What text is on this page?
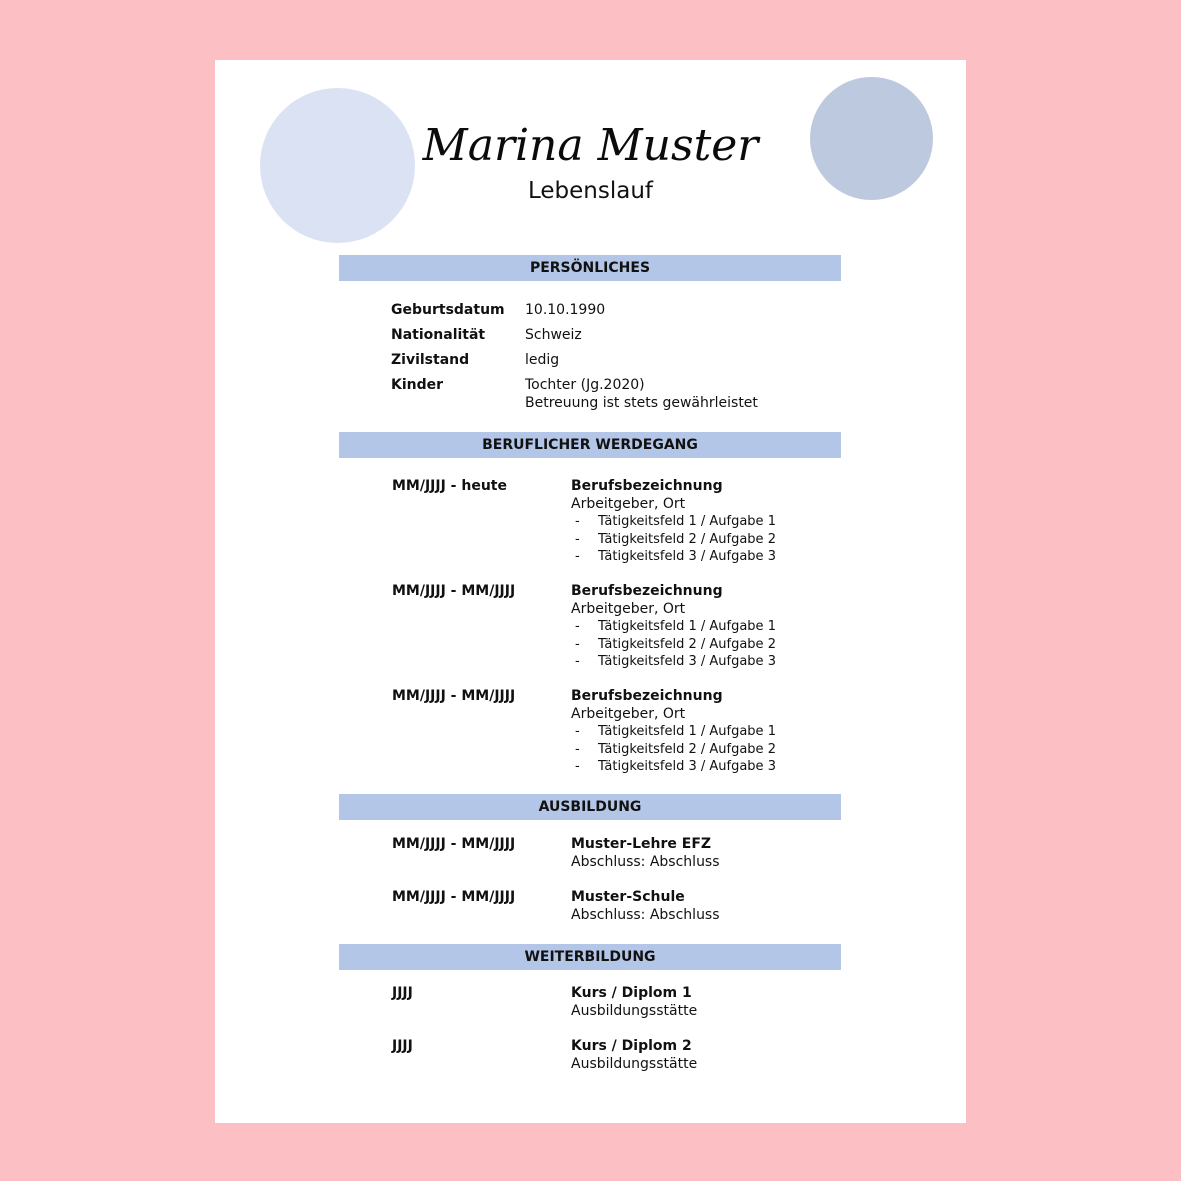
Marina Muster
Lebenslauf
PERSÖNLICHES
Geburtsdatum 10.10.1990
Nationalität	Schweiz
Zivilstand	ledig
Kinder	Tochter (Jg.2020)
Betreuung ist stets gewährleistet
BERUFLICHER WERDEGANG
MM/JJJJ - heute	Berufsbezeichnung
Arbeitgeber, Ort
- Tätigkeitsfeld 1 / Aufgabe 1
- Tätigkeitsfeld 2 / Aufgabe 2
- Tätigkeitsfeld 3 / Aufgabe 3
MM/JJJJ - MM/JJJJ	Berufsbezeichnung
Arbeitgeber, Ort
- Tätigkeitsfeld 1 / Aufgabe 1
- Tätigkeitsfeld 2 / Aufgabe 2
- Tätigkeitsfeld 3 / Aufgabe 3
MM/JJJJ - MM/JJJJ	Berufsbezeichnung
Arbeitgeber, Ort
- Tätigkeitsfeld 1 / Aufgabe 1
- Tätigkeitsfeld 2 / Aufgabe 2
- Tätigkeitsfeld 3 / Aufgabe 3
AUSBILDUNG
MM/JJJJ - MM/JJJJ	Muster-Lehre EFZ
Abschluss: Abschluss
MM/JJJJ - MM/JJJJ	Muster-Schule
Abschluss: Abschluss
WEITERBILDUNG
JJJJ	Kurs / Diplom 1
Ausbildungsstätte
JJJJ	Kurs / Diplom 2
Ausbildungsstätte
